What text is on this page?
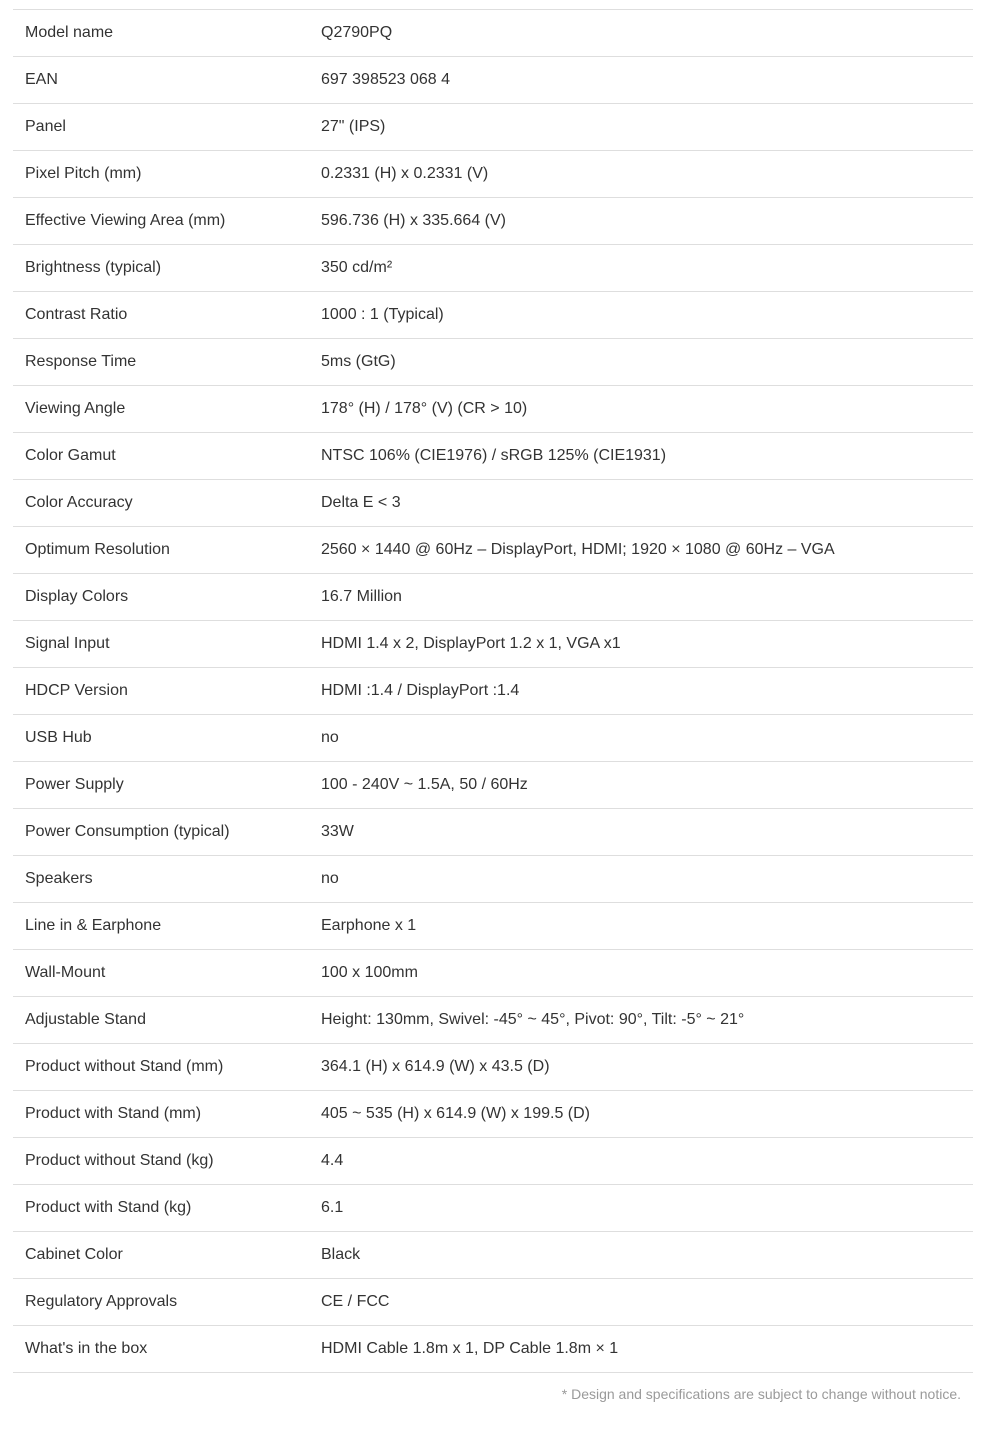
Model name	Q2790PQ
EAN	697 398523 068 4
Panel	27" (IPS)
Pixel Pitch (mm)	0.2331 (H) x 0.2331 (V)
Effective Viewing Area (mm)	596.736 (H) x 335.664 (V)
Brightness (typical)	350 cd/m²
Contrast Ratio	1000 : 1 (Typical)
Response Time	5ms (GtG)
Viewing Angle	178° (H) / 178° (V) (CR > 10)
Color Gamut	NTSC 106% (CIE1976) / sRGB 125% (CIE1931)
Color Accuracy	Delta E < 3
Optimum Resolution	2560 × 1440 @ 60Hz – DisplayPort, HDMI; 1920 × 1080 @ 60Hz – VGA
Display Colors	16.7 Million
Signal Input	HDMI 1.4 x 2, DisplayPort 1.2 x 1, VGA x1
HDCP Version	HDMI :1.4 / DisplayPort :1.4
USB Hub	no
Power Supply	100 - 240V ~ 1.5A, 50 / 60Hz
Power Consumption (typical)	33W
Speakers	no
Line in & Earphone	Earphone x 1
Wall-Mount	100 x 100mm
Adjustable Stand	Height: 130mm, Swivel: -45° ~ 45°, Pivot: 90°, Tilt: -5° ~ 21°
Product without Stand (mm)	364.1 (H) x 614.9 (W) x 43.5 (D)
Product with Stand (mm)	405 ~ 535 (H) x 614.9 (W) x 199.5 (D)
Product without Stand (kg)	4.4
Product with Stand (kg)	6.1
Cabinet Color	Black
Regulatory Approvals	CE / FCC
What's in the box	HDMI Cable 1.8m x 1, DP Cable 1.8m × 1
* Design and specifications are subject to change without notice.
